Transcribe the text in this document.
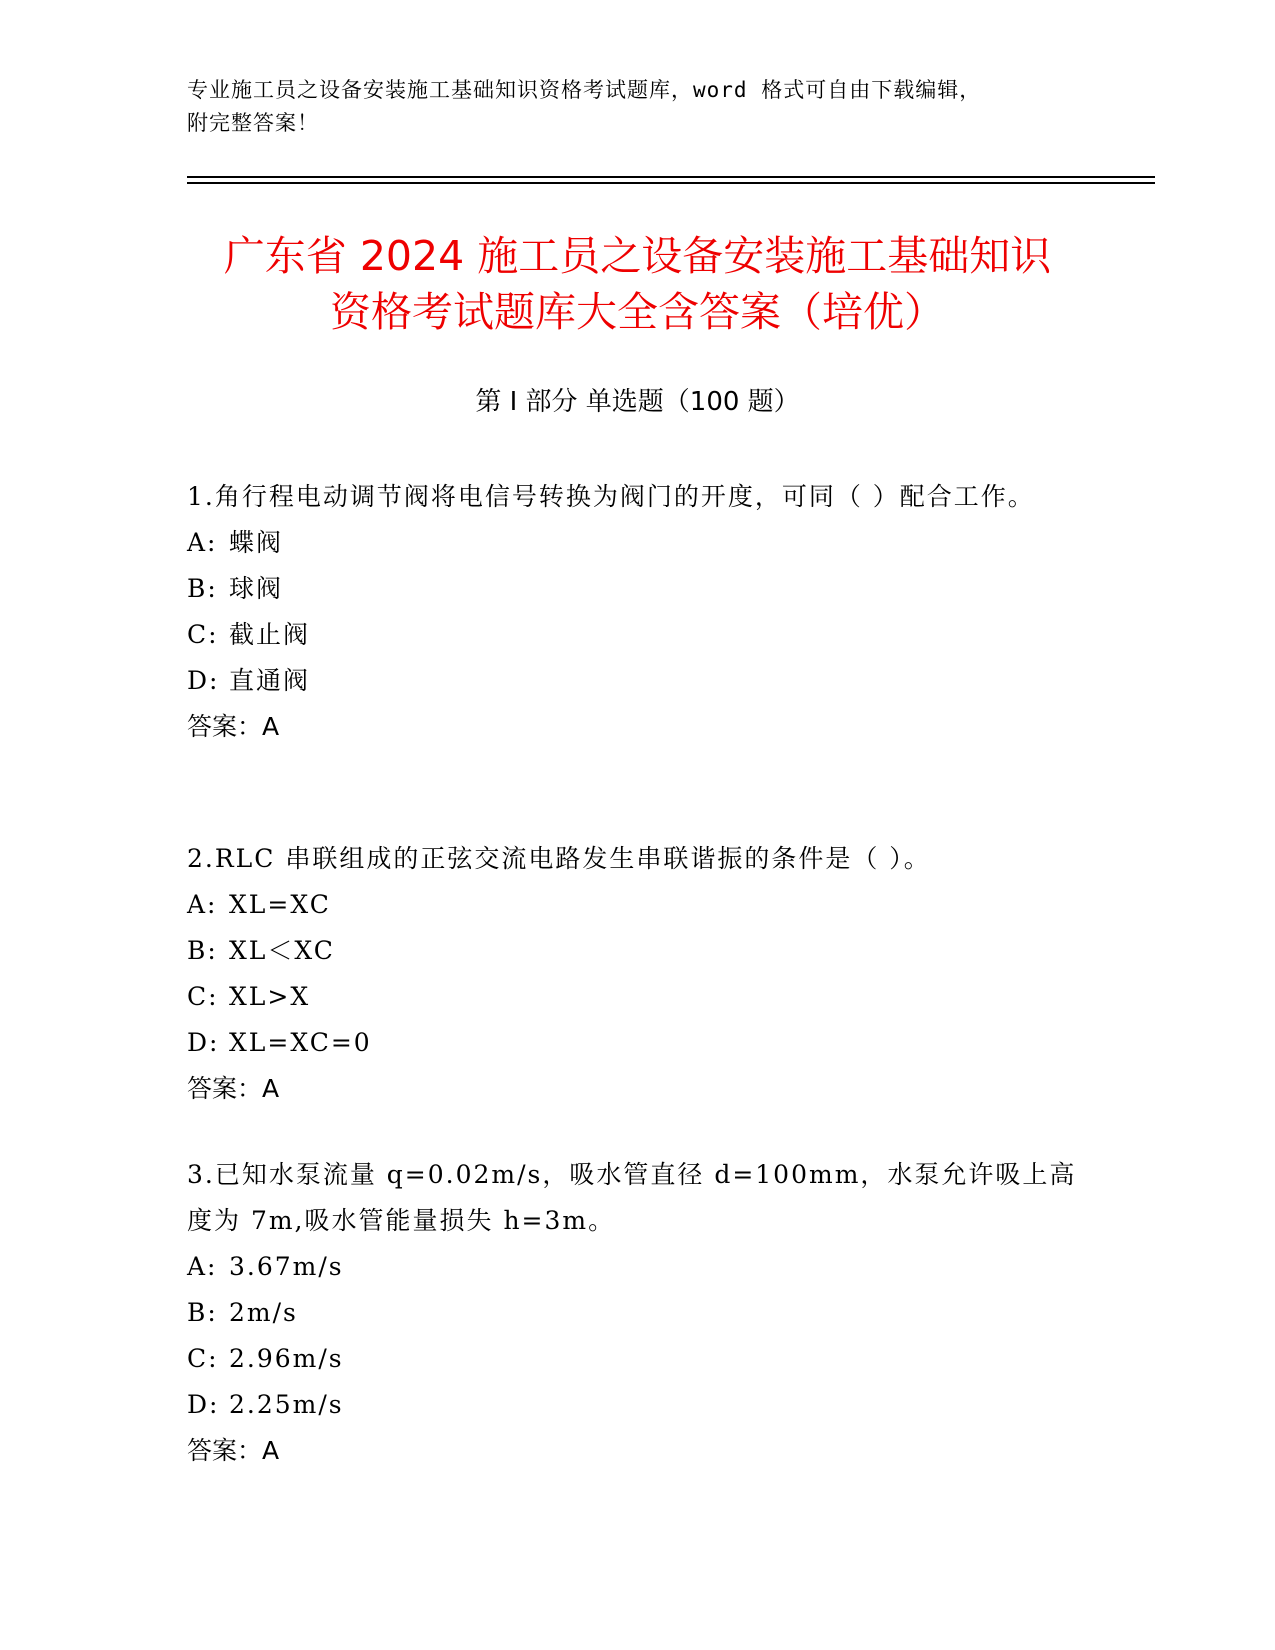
专业施工员之设备安装施工基础知识资格考试题库，word 格式可自由下载编辑，
附完整答案！
广东省 2024 施工员之设备安装施工基础知识
资格考试题库大全含答案（培优）
第 I 部分 单选题（100 题）
1.角行程电动调节阀将电信号转换为阀门的开度，可同（ ）配合工作。
A: 蝶阀
B: 球阀
C: 截止阀
D: 直通阀
答案：A
2.RLC 串联组成的正弦交流电路发生串联谐振的条件是（ ）。
A: XL=XC
B: XL＜XC
C: XL>X
D: XL=XC=0
答案：A
3.已知水泵流量 q=0.02m/s，吸水管直径 d=100mm，水泵允许吸上高度为 7m,吸水管能量损失 h=3m。
A: 3.67m/s
B: 2m/s
C: 2.96m/s
D: 2.25m/s
答案：A
